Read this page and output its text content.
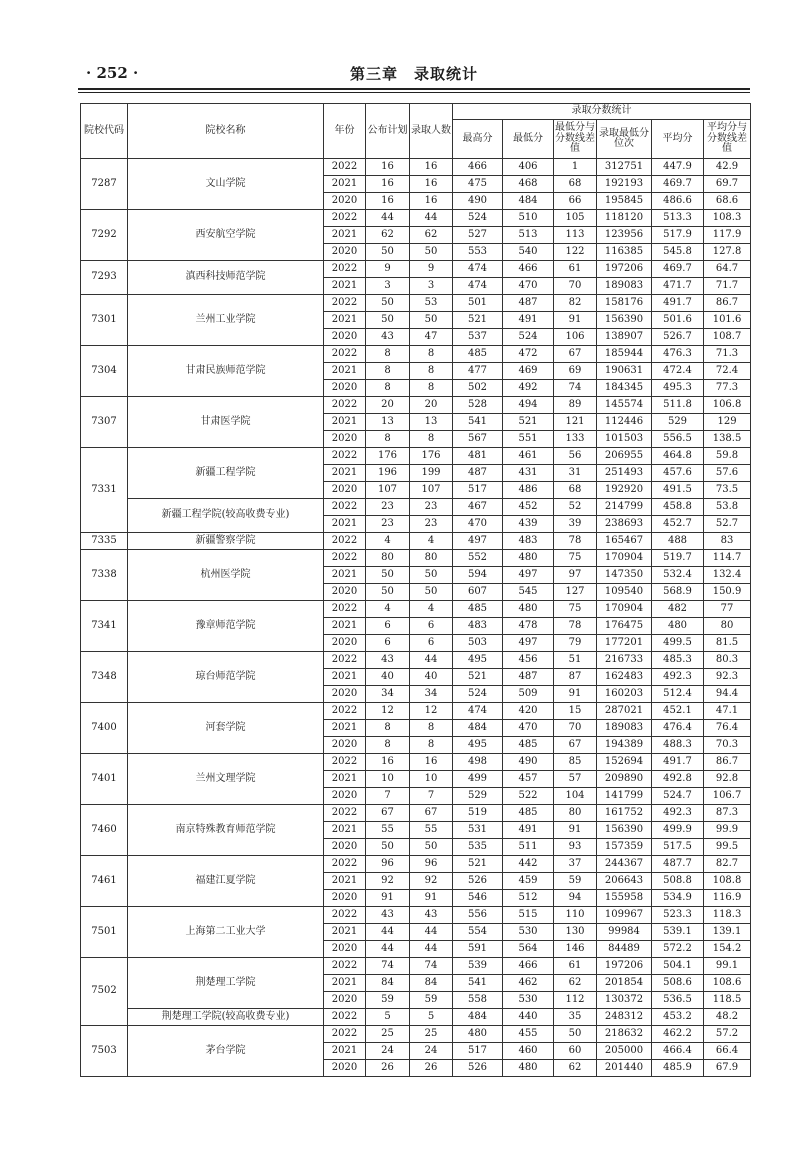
· 252 ·	第三章　录取统计
院校代码	院校名称	年份	公布计划	录取人数	录取分数统计					
					最高分	最低分	最低分与分数线差值	录取最低分位次	平均分	平均分与分数线差值
7287	文山学院	2022	16	16	466	406	1	312751	447.9	42.9
		2021	16	16	475	468	68	192193	469.7	69.7
		2020	16	16	490	484	66	195845	486.6	68.6
7292	西安航空学院	2022	44	44	524	510	105	118120	513.3	108.3
		2021	62	62	527	513	113	123956	517.9	117.9
		2020	50	50	553	540	122	116385	545.8	127.8
7293	滇西科技师范学院	2022	9	9	474	466	61	197206	469.7	64.7
		2021	3	3	474	470	70	189083	471.7	71.7
7301	兰州工业学院	2022	50	53	501	487	82	158176	491.7	86.7
		2021	50	50	521	491	91	156390	501.6	101.6
		2020	43	47	537	524	106	138907	526.7	108.7
7304	甘肃民族师范学院	2022	8	8	485	472	67	185944	476.3	71.3
		2021	8	8	477	469	69	190631	472.4	72.4
		2020	8	8	502	492	74	184345	495.3	77.3
7307	甘肃医学院	2022	20	20	528	494	89	145574	511.8	106.8
		2021	13	13	541	521	121	112446	529	129
		2020	8	8	567	551	133	101503	556.5	138.5
7331	新疆工程学院	2022	176	176	481	461	56	206955	464.8	59.8
		2021	196	199	487	431	31	251493	457.6	57.6
		2020	107	107	517	486	68	192920	491.5	73.5
	新疆工程学院(较高收费专业)	2022	23	23	467	452	52	214799	458.8	53.8
		2021	23	23	470	439	39	238693	452.7	52.7
7335	新疆警察学院	2022	4	4	497	483	78	165467	488	83
7338	杭州医学院	2022	80	80	552	480	75	170904	519.7	114.7
		2021	50	50	594	497	97	147350	532.4	132.4
		2020	50	50	607	545	127	109540	568.9	150.9
7341	豫章师范学院	2022	4	4	485	480	75	170904	482	77
		2021	6	6	483	478	78	176475	480	80
		2020	6	6	503	497	79	177201	499.5	81.5
7348	琼台师范学院	2022	43	44	495	456	51	216733	485.3	80.3
		2021	40	40	521	487	87	162483	492.3	92.3
		2020	34	34	524	509	91	160203	512.4	94.4
7400	河套学院	2022	12	12	474	420	15	287021	452.1	47.1
		2021	8	8	484	470	70	189083	476.4	76.4
		2020	8	8	495	485	67	194389	488.3	70.3
7401	兰州文理学院	2022	16	16	498	490	85	152694	491.7	86.7
		2021	10	10	499	457	57	209890	492.8	92.8
		2020	7	7	529	522	104	141799	524.7	106.7
7460	南京特殊教育师范学院	2022	67	67	519	485	80	161752	492.3	87.3
		2021	55	55	531	491	91	156390	499.9	99.9
		2020	50	50	535	511	93	157359	517.5	99.5
7461	福建江夏学院	2022	96	96	521	442	37	244367	487.7	82.7
		2021	92	92	526	459	59	206643	508.8	108.8
		2020	91	91	546	512	94	155958	534.9	116.9
7501	上海第二工业大学	2022	43	43	556	515	110	109967	523.3	118.3
		2021	44	44	554	530	130	99984	539.1	139.1
		2020	44	44	591	564	146	84489	572.2	154.2
7502	荆楚理工学院	2022	74	74	539	466	61	197206	504.1	99.1
		2021	84	84	541	462	62	201854	508.6	108.6
		2020	59	59	558	530	112	130372	536.5	118.5
	荆楚理工学院(较高收费专业)	2022	5	5	484	440	35	248312	453.2	48.2
7503	茅台学院	2022	25	25	480	455	50	218632	462.2	57.2
		2021	24	24	517	460	60	205000	466.4	66.4
		2020	26	26	526	480	62	201440	485.9	67.9
